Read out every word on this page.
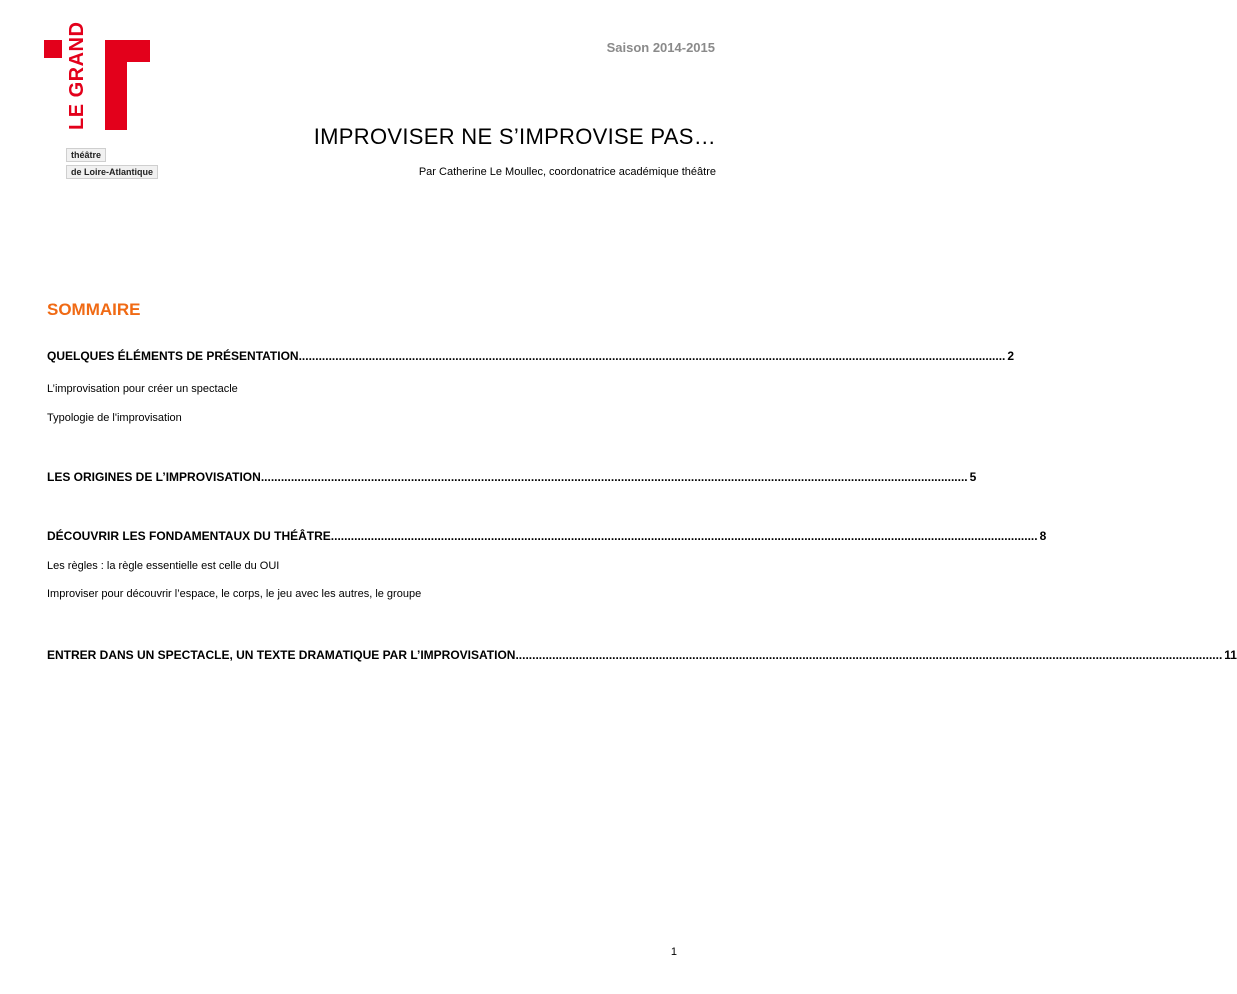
LE GRAND
théâtre
de Loire-Atlantique
Saison 2014-2015
IMPROVISER NE S’IMPROVISE PAS…
Par Catherine Le Moullec, coordonatrice académique théâtre
SOMMAIRE
QUELQUES ÉLÉMENTS DE PRÉSENTATION .................................................................................................................................................................................................................... 2
L’improvisation pour créer un spectacle
Typologie de l'improvisation
LES ORIGINES DE L’IMPROVISATION .................................................................................................................................................................................................................... 5
DÉCOUVRIR LES FONDAMENTAUX DU THÉÂTRE .................................................................................................................................................................................................................... 8
Les règles : la règle essentielle est celle du OUI
Improviser pour découvrir l’espace, le corps, le jeu avec les autres, le groupe
ENTRER DANS UN SPECTACLE, UN TEXTE DRAMATIQUE PAR L’IMPROVISATION .................................................................................................................................................................................................................... 11
1
